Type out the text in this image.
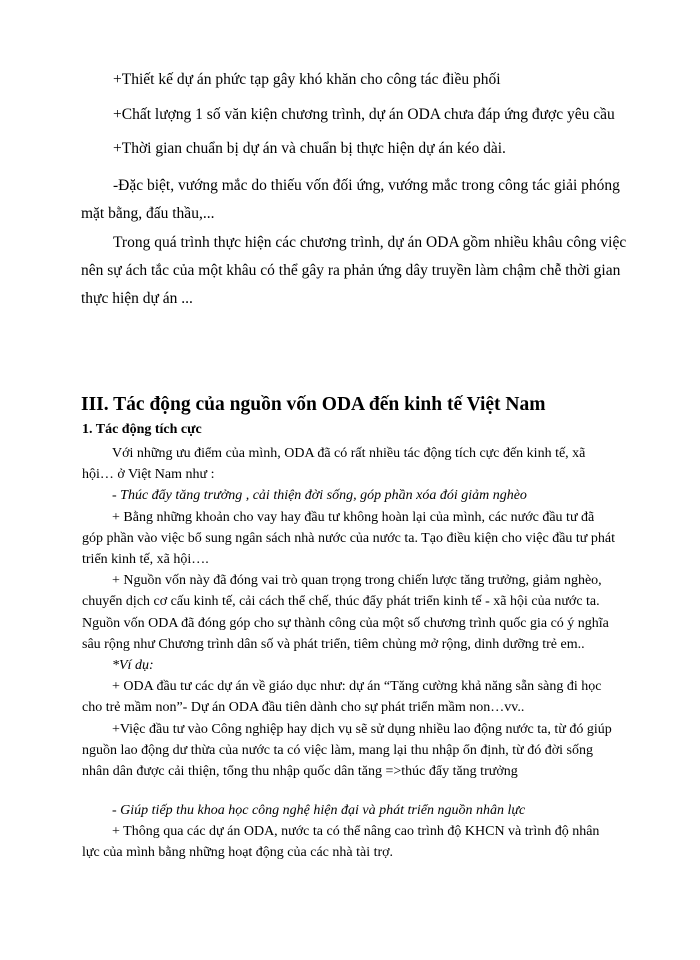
+Thiết kế dự án phức tạp gây khó khăn cho công tác điều phối
+Chất lượng 1 số văn kiện chương trình, dự án ODA chưa đáp ứng được yêu cầu
+Thời gian chuẩn bị dự án và chuẩn bị thực hiện dự án kéo dài.
-Đặc biệt, vướng mắc do thiếu vốn đối ứng, vướng mắc trong công tác giải phóng
mặt bằng, đấu thầu,...
Trong quá trình thực hiện các chương trình, dự án ODA gồm nhiều khâu công việc
nên sự ách tắc của một khâu có thể gây ra phản ứng dây truyền làm chậm chễ thời gian
thực hiện dự án ...
III. Tác động của nguồn vốn ODA đến kinh tế Việt Nam
1. Tác động tích cực
Với những ưu điểm của mình, ODA đã có rất nhiều tác động tích cực đến kinh tế, xã
hội… ở Việt Nam như :
- Thúc đẩy tăng trưởng , cải thiện đời sống, góp phần xóa đói giảm nghèo
+ Bằng những khoản cho vay hay đầu tư không hoàn lại của mình, các nước đầu tư đã
góp phần vào việc bổ sung ngân sách nhà nước của nước ta. Tạo điều kiện cho việc đầu tư phát
triển kinh tế, xã hội….
+ Nguồn vốn này đã đóng vai trò quan trọng trong chiến lược tăng trưởng, giảm nghèo,
chuyển dịch cơ cấu kinh tế, cải cách thể chế, thúc đẩy phát triển kinh tế - xã hội của nước ta.
Nguồn vốn ODA đã đóng góp cho sự thành công của một số chương trình quốc gia có ý nghĩa
sâu rộng như Chương trình dân số và phát triển, tiêm chủng mở rộng, dinh dưỡng trẻ em..
*Ví dụ:
+ ODA đầu tư các dự án về giáo dục như: dự án “Tăng cường khả năng sẵn sàng đi học
cho trẻ mầm non”- Dự án ODA đầu tiên dành cho sự phát triển mầm non…vv..
+Việc đầu tư vào Công nghiệp hay dịch vụ sẽ sử dụng nhiều lao động nước ta, từ đó giúp
nguồn lao động dư thừa của nước ta có việc làm, mang lại thu nhập ổn định, từ đó đời sống
nhân dân được cải thiện, tổng thu nhập quốc dân tăng =>thúc đẩy tăng trưởng
- Giúp tiếp thu khoa học công nghệ hiện đại và phát triển nguồn nhân lực
+ Thông qua các dự án ODA, nước ta có thể nâng cao trình độ KHCN và trình độ nhân
lực của mình bằng những hoạt động của các nhà tài trợ.
